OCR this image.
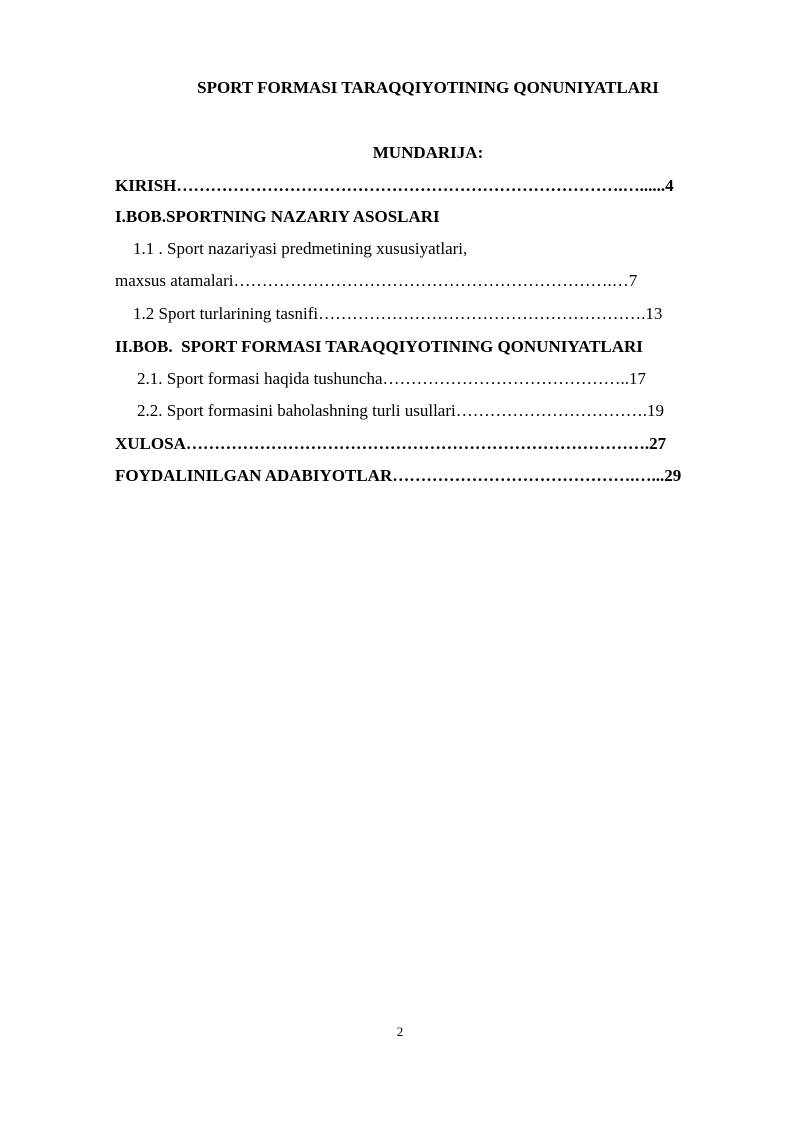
SPORT FORMASI TARAQQIYOTINING QONUNIYATLARI
MUNDARIJA:
KIRISH…………………………………………………………………….…......4
I.BOB.SPORTNING NAZARIY ASOSLARI
1.1 . Sport nazariyasi predmetining xususiyatlari,
maxsus atamalari………………………………………………………….…7
1.2 Sport turlarining tasnifi………………………………………………….13
II.BOB.  SPORT FORMASI TARAQQIYOTINING QONUNIYATLARI
2.1. Sport formasi haqida tushuncha……………………………………..17
2.2. Sport formasini baholashning turli usullari…………………………….19
XULOSA……………………………………………………………………….27
FOYDALINILGAN ADABIYOTLAR…………………………………….…...29
2
